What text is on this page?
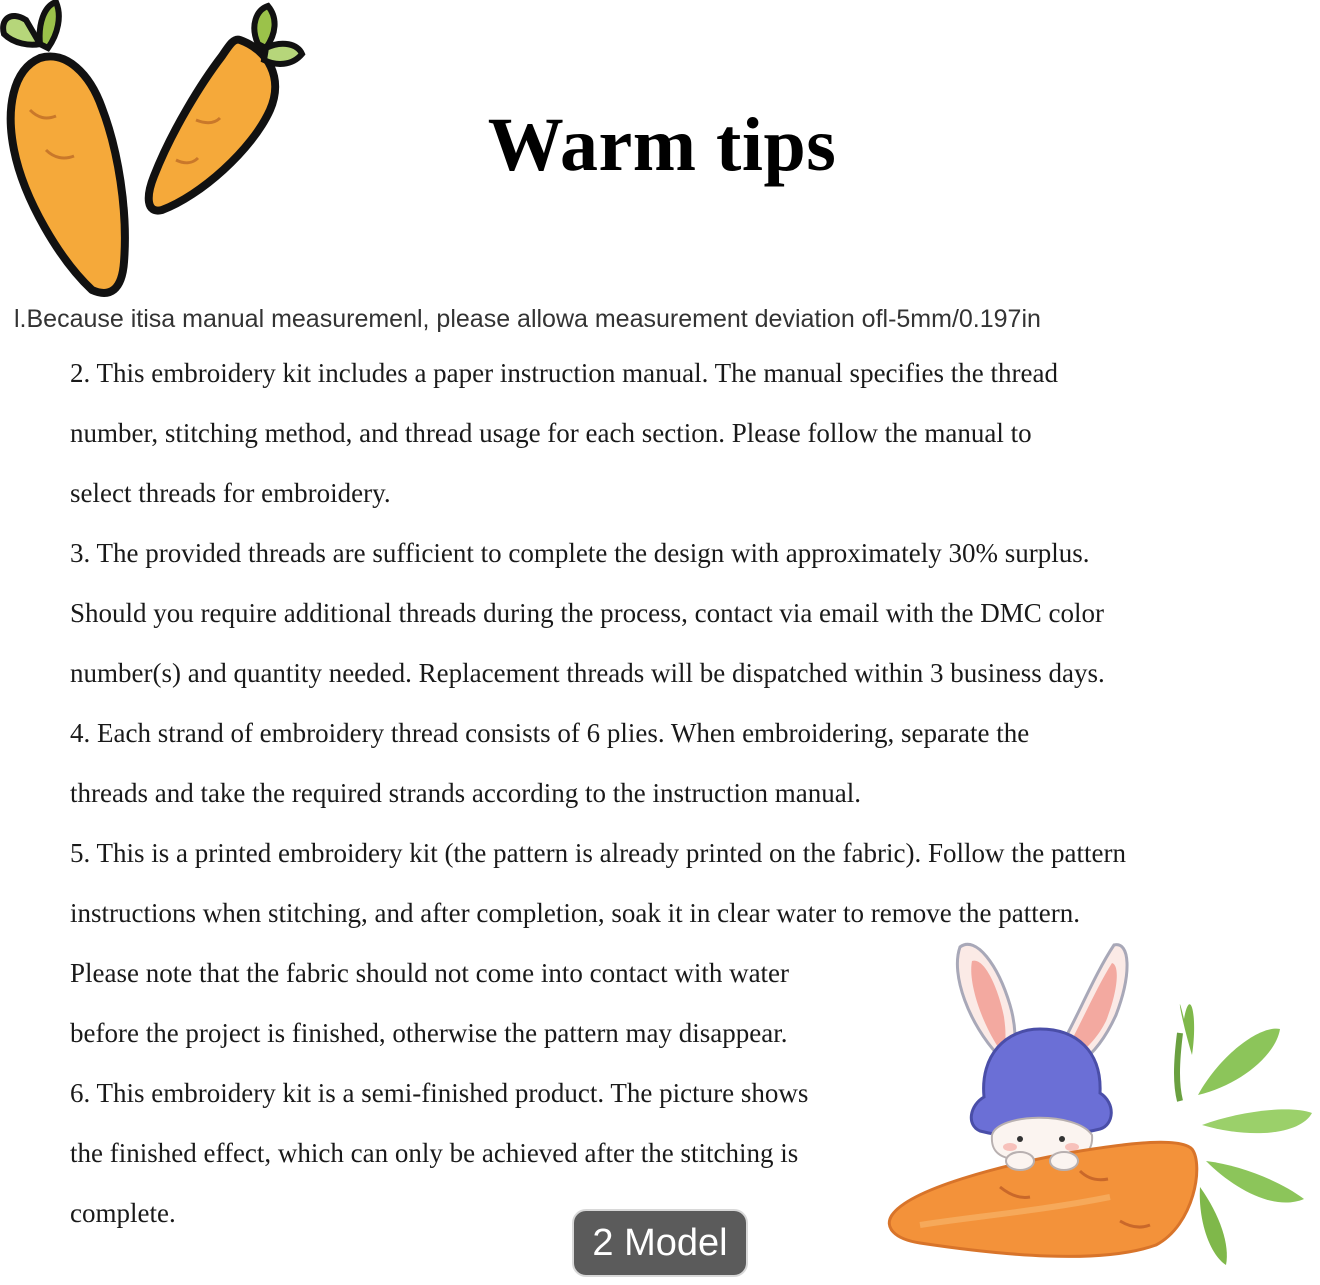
Warm tips
l.Because itisa manual measuremenl, please allowa measurement deviation ofl-5mm/0.197in
2. This embroidery kit includes a paper instruction manual. The manual specifies the thread
number, stitching method, and thread usage for each section. Please follow the manual to
select threads for embroidery.
3. The provided threads are sufficient to complete the design with approximately 30% surplus.
Should you require additional threads during the process, contact via email with the DMC color
number(s) and quantity needed. Replacement threads will be dispatched within 3 business days.
4. Each strand of embroidery thread consists of 6 plies. When embroidering, separate the
threads and take the required strands according to the instruction manual.
5. This is a printed embroidery kit (the pattern is already printed on the fabric). Follow the pattern
instructions when stitching, and after completion, soak it in clear water to remove the pattern.
Please note that the fabric should not come into contact with water
before the project is finished, otherwise the pattern may disappear.
6. This embroidery kit is a semi-finished product. The picture shows
the finished effect, which can only be achieved after the stitching is
complete.
2 Model
